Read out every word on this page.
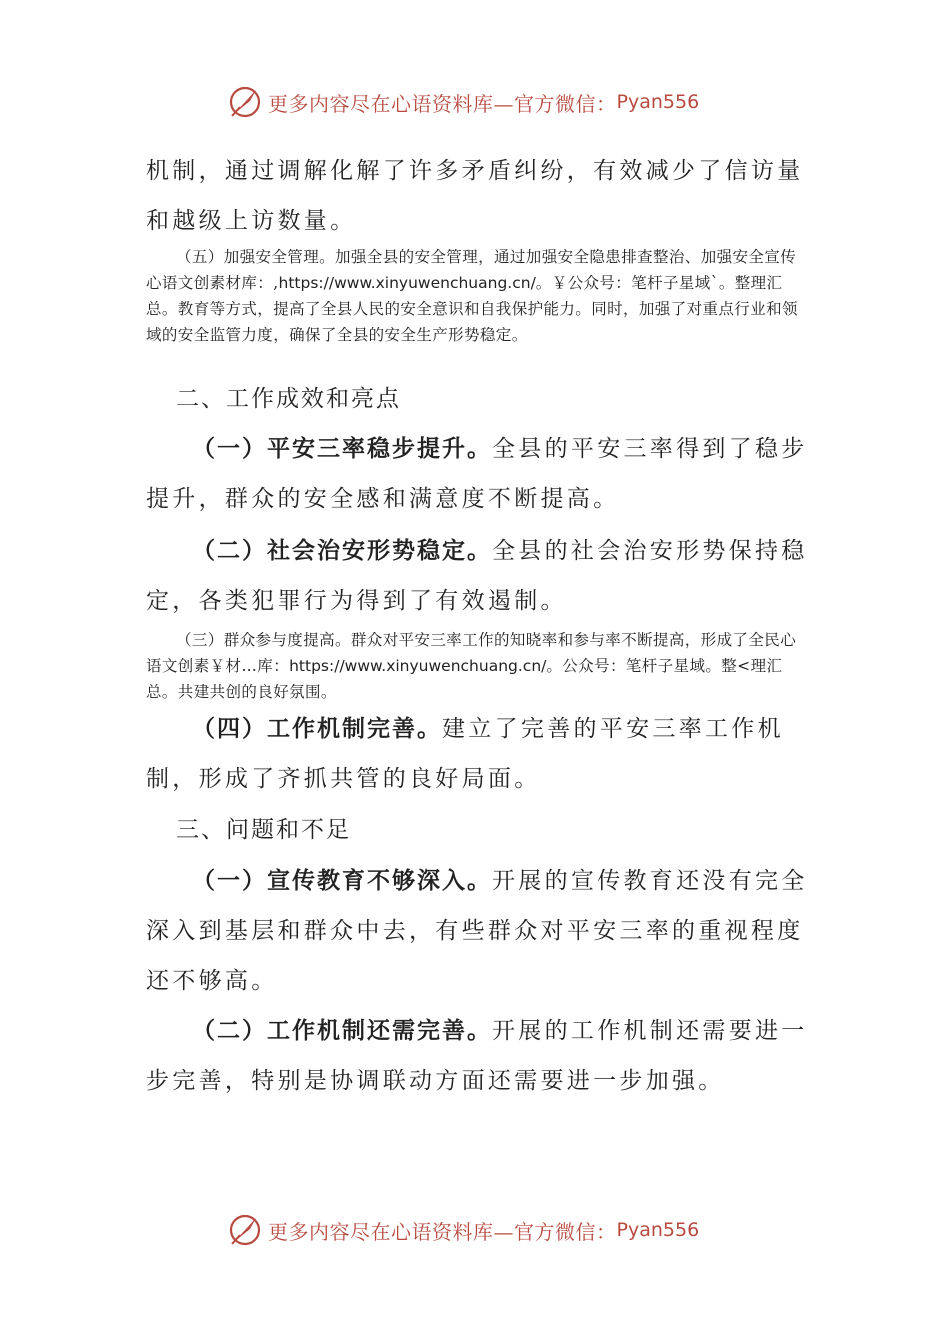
更多内容尽在心语资料库—官方微信： Pyan556

机制，通过调解化解了许多矛盾纠纷，有效减少了信访量和越级上访数量。

（五）加强安全管理。加强全县的安全管理，通过加强安全隐患排查整治、加强安全宣传心语文创素材库：,https://www.xinyuwenchuang.cn/。￥公众号：笔杆子星域`。整理汇总。教育等方式，提高了全县人民的安全意识和自我保护能力。同时，加强了对重点行业和领域的安全监管力度，确保了全县的安全生产形势稳定。

二、工作成效和亮点

（一）平安三率稳步提升。全县的平安三率得到了稳步提升，群众的安全感和满意度不断提高。

（二）社会治安形势稳定。全县的社会治安形势保持稳定，各类犯罪行为得到了有效遏制。

（三）群众参与度提高。群众对平安三率工作的知晓率和参与率不断提高，形成了全民心语文创素￥材…库：https://www.xinyuwenchuang.cn/。公众号：笔杆子星域。整<理汇总。共建共创的良好氛围。

（四）工作机制完善。建立了完善的平安三率工作机制，形成了齐抓共管的良好局面。

三、问题和不足

（一）宣传教育不够深入。开展的宣传教育还没有完全深入到基层和群众中去，有些群众对平安三率的重视程度还不够高。

（二）工作机制还需完善。开展的工作机制还需要进一步完善，特别是协调联动方面还需要进一步加强。

更多内容尽在心语资料库—官方微信： Pyan556
